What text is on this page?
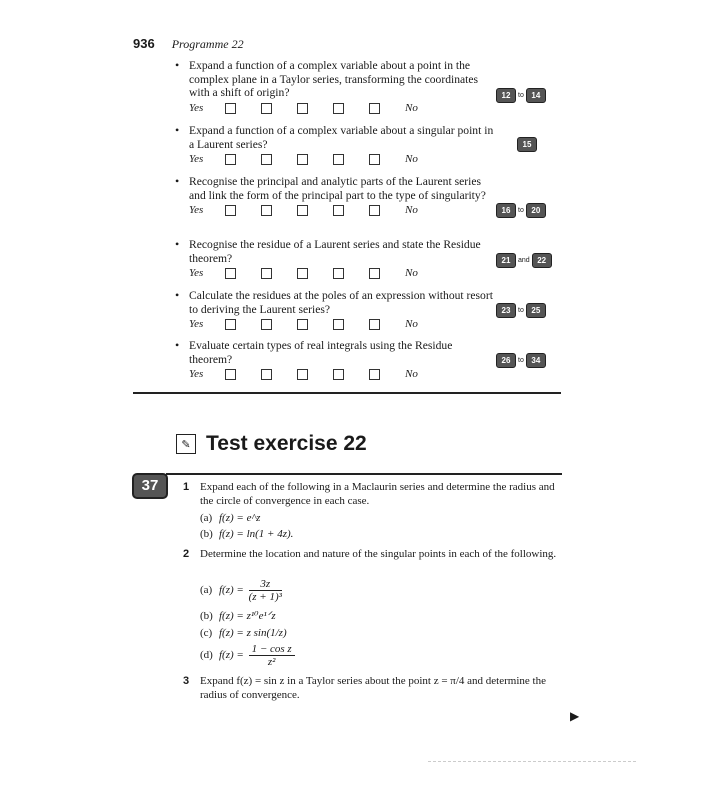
936 Programme 22
• Expand a function of a complex variable about a point in the complex plane in a Taylor series, transforming the coordinates with a shift of origin?
Yes	No
12	to 14
• Expand a function of a complex variable about a singular point in a Laurent series?
Yes	No
15
• Recognise the principal and analytic parts of the Laurent series and link the form of the principal part to the type of singularity?
Yes	No	16	to 20
• Recognise the residue of a Laurent series and state the Residue theorem?
Yes	No
21	and 22
• Calculate the residues at the poles of an expression without resort to deriving the Laurent series?
Yes	No
23	to 25
• Evaluate certain types of real integrals using the Residue theorem?
Yes	No
26	to 34
✎ Test exercise 22
37	1 Expand each of the following in a Maclaurin series and determine the radius and the circle of convergence in each case.
(a) f(z) = e^z
(b) f(z) = ln(1 + 4z).
2 Determine the location and nature of the singular points in each of the following.
(a) $f(z) = \frac{3z}{\text{(z + 1)³}}$
(b) f(z) = z¹⁰e¹ᐟz
(c) f(z) = z sin(1/z)
(d) $f(z) = \frac{\text{1 − cos z}}{\text{z²}}$
3 Expand f(z) = sin z in a Taylor series about the point z = π/4 and determine the radius of convergence.
▶
